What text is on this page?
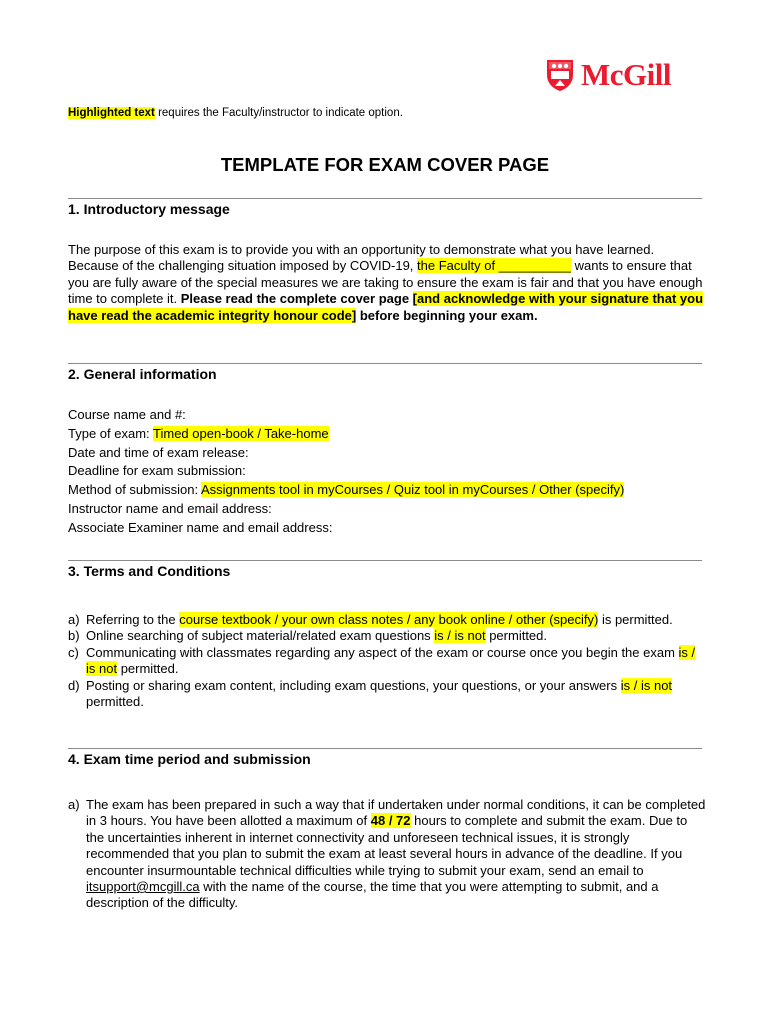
McGill
Highlighted text requires the Faculty/instructor to indicate option.
TEMPLATE FOR EXAM COVER PAGE
1. Introductory message
The purpose of this exam is to provide you with an opportunity to demonstrate what you have learned. Because of the challenging situation imposed by COVID-19, the Faculty of __________ wants to ensure that you are fully aware of the special measures we are taking to ensure the exam is fair and that you have enough time to complete it. Please read the complete cover page [and acknowledge with your signature that you have read the academic integrity honour code] before beginning your exam.
2. General information
Course name and #:
Type of exam: Timed open-book / Take-home
Date and time of exam release:
Deadline for exam submission:
Method of submission: Assignments tool in myCourses / Quiz tool in myCourses / Other (specify)
Instructor name and email address:
Associate Examiner name and email address:
3. Terms and Conditions
a) Referring to the course textbook / your own class notes / any book online / other (specify) is permitted.
b) Online searching of subject material/related exam questions is / is not permitted.
c) Communicating with classmates regarding any aspect of the exam or course once you begin the exam is / is not permitted.
d) Posting or sharing exam content, including exam questions, your questions, or your answers is / is not permitted.
4. Exam time period and submission
a) The exam has been prepared in such a way that if undertaken under normal conditions, it can be completed in 3 hours. You have been allotted a maximum of 48 / 72 hours to complete and submit the exam. Due to the uncertainties inherent in internet connectivity and unforeseen technical issues, it is strongly recommended that you plan to submit the exam at least several hours in advance of the deadline. If you encounter insurmountable technical difficulties while trying to submit your exam, send an email to itsupport@mcgill.ca with the name of the course, the time that you were attempting to submit, and a description of the difficulty.
